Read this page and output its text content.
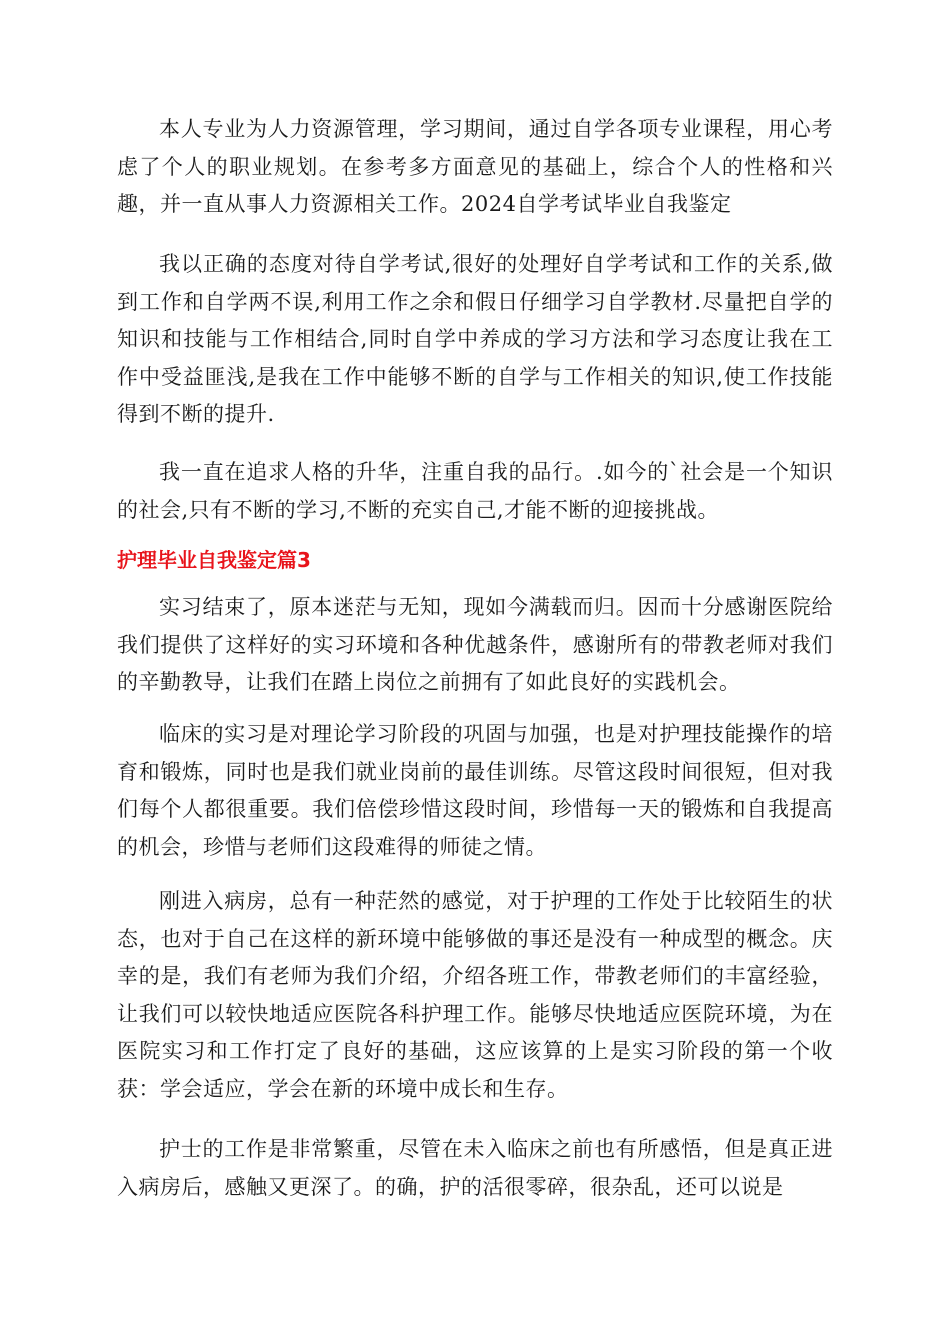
本人专业为人力资源管理，学习期间，通过自学各项专业课程，用心考虑了个人的职业规划。在参考多方面意见的基础上，综合个人的性格和兴趣，并一直从事人力资源相关工作。2024自学考试毕业自我鉴定

我以正确的态度对待自学考试,很好的处理好自学考试和工作的关系,做到工作和自学两不误,利用工作之余和假日仔细学习自学教材.尽量把自学的知识和技能与工作相结合,同时自学中养成的学习方法和学习态度让我在工作中受益匪浅,是我在工作中能够不断的自学与工作相关的知识,使工作技能得到不断的提升.

我一直在追求人格的升华，注重自我的品行。.如今的`社会是一个知识的社会,只有不断的学习,不断的充实自己,才能不断的迎接挑战。

护理毕业自我鉴定篇3

实习结束了，原本迷茫与无知，现如今满载而归。因而十分感谢医院给我们提供了这样好的实习环境和各种优越条件，感谢所有的带教老师对我们的辛勤教导，让我们在踏上岗位之前拥有了如此良好的实践机会。

临床的实习是对理论学习阶段的巩固与加强，也是对护理技能操作的培育和锻炼，同时也是我们就业岗前的最佳训练。尽管这段时间很短，但对我们每个人都很重要。我们倍偿珍惜这段时间，珍惜每一天的锻炼和自我提高的机会，珍惜与老师们这段难得的师徒之情。

刚进入病房，总有一种茫然的感觉，对于护理的工作处于比较陌生的状态，也对于自己在这样的新环境中能够做的事还是没有一种成型的概念。庆幸的是，我们有老师为我们介绍，介绍各班工作，带教老师们的丰富经验，让我们可以较快地适应医院各科护理工作。能够尽快地适应医院环境，为在医院实习和工作打定了良好的基础，这应该算的上是实习阶段的第一个收获：学会适应，学会在新的环境中成长和生存。

护士的工作是非常繁重，尽管在未入临床之前也有所感悟，但是真正进入病房后，感触又更深了。的确，护的活很零碎，很杂乱，还可以说是
